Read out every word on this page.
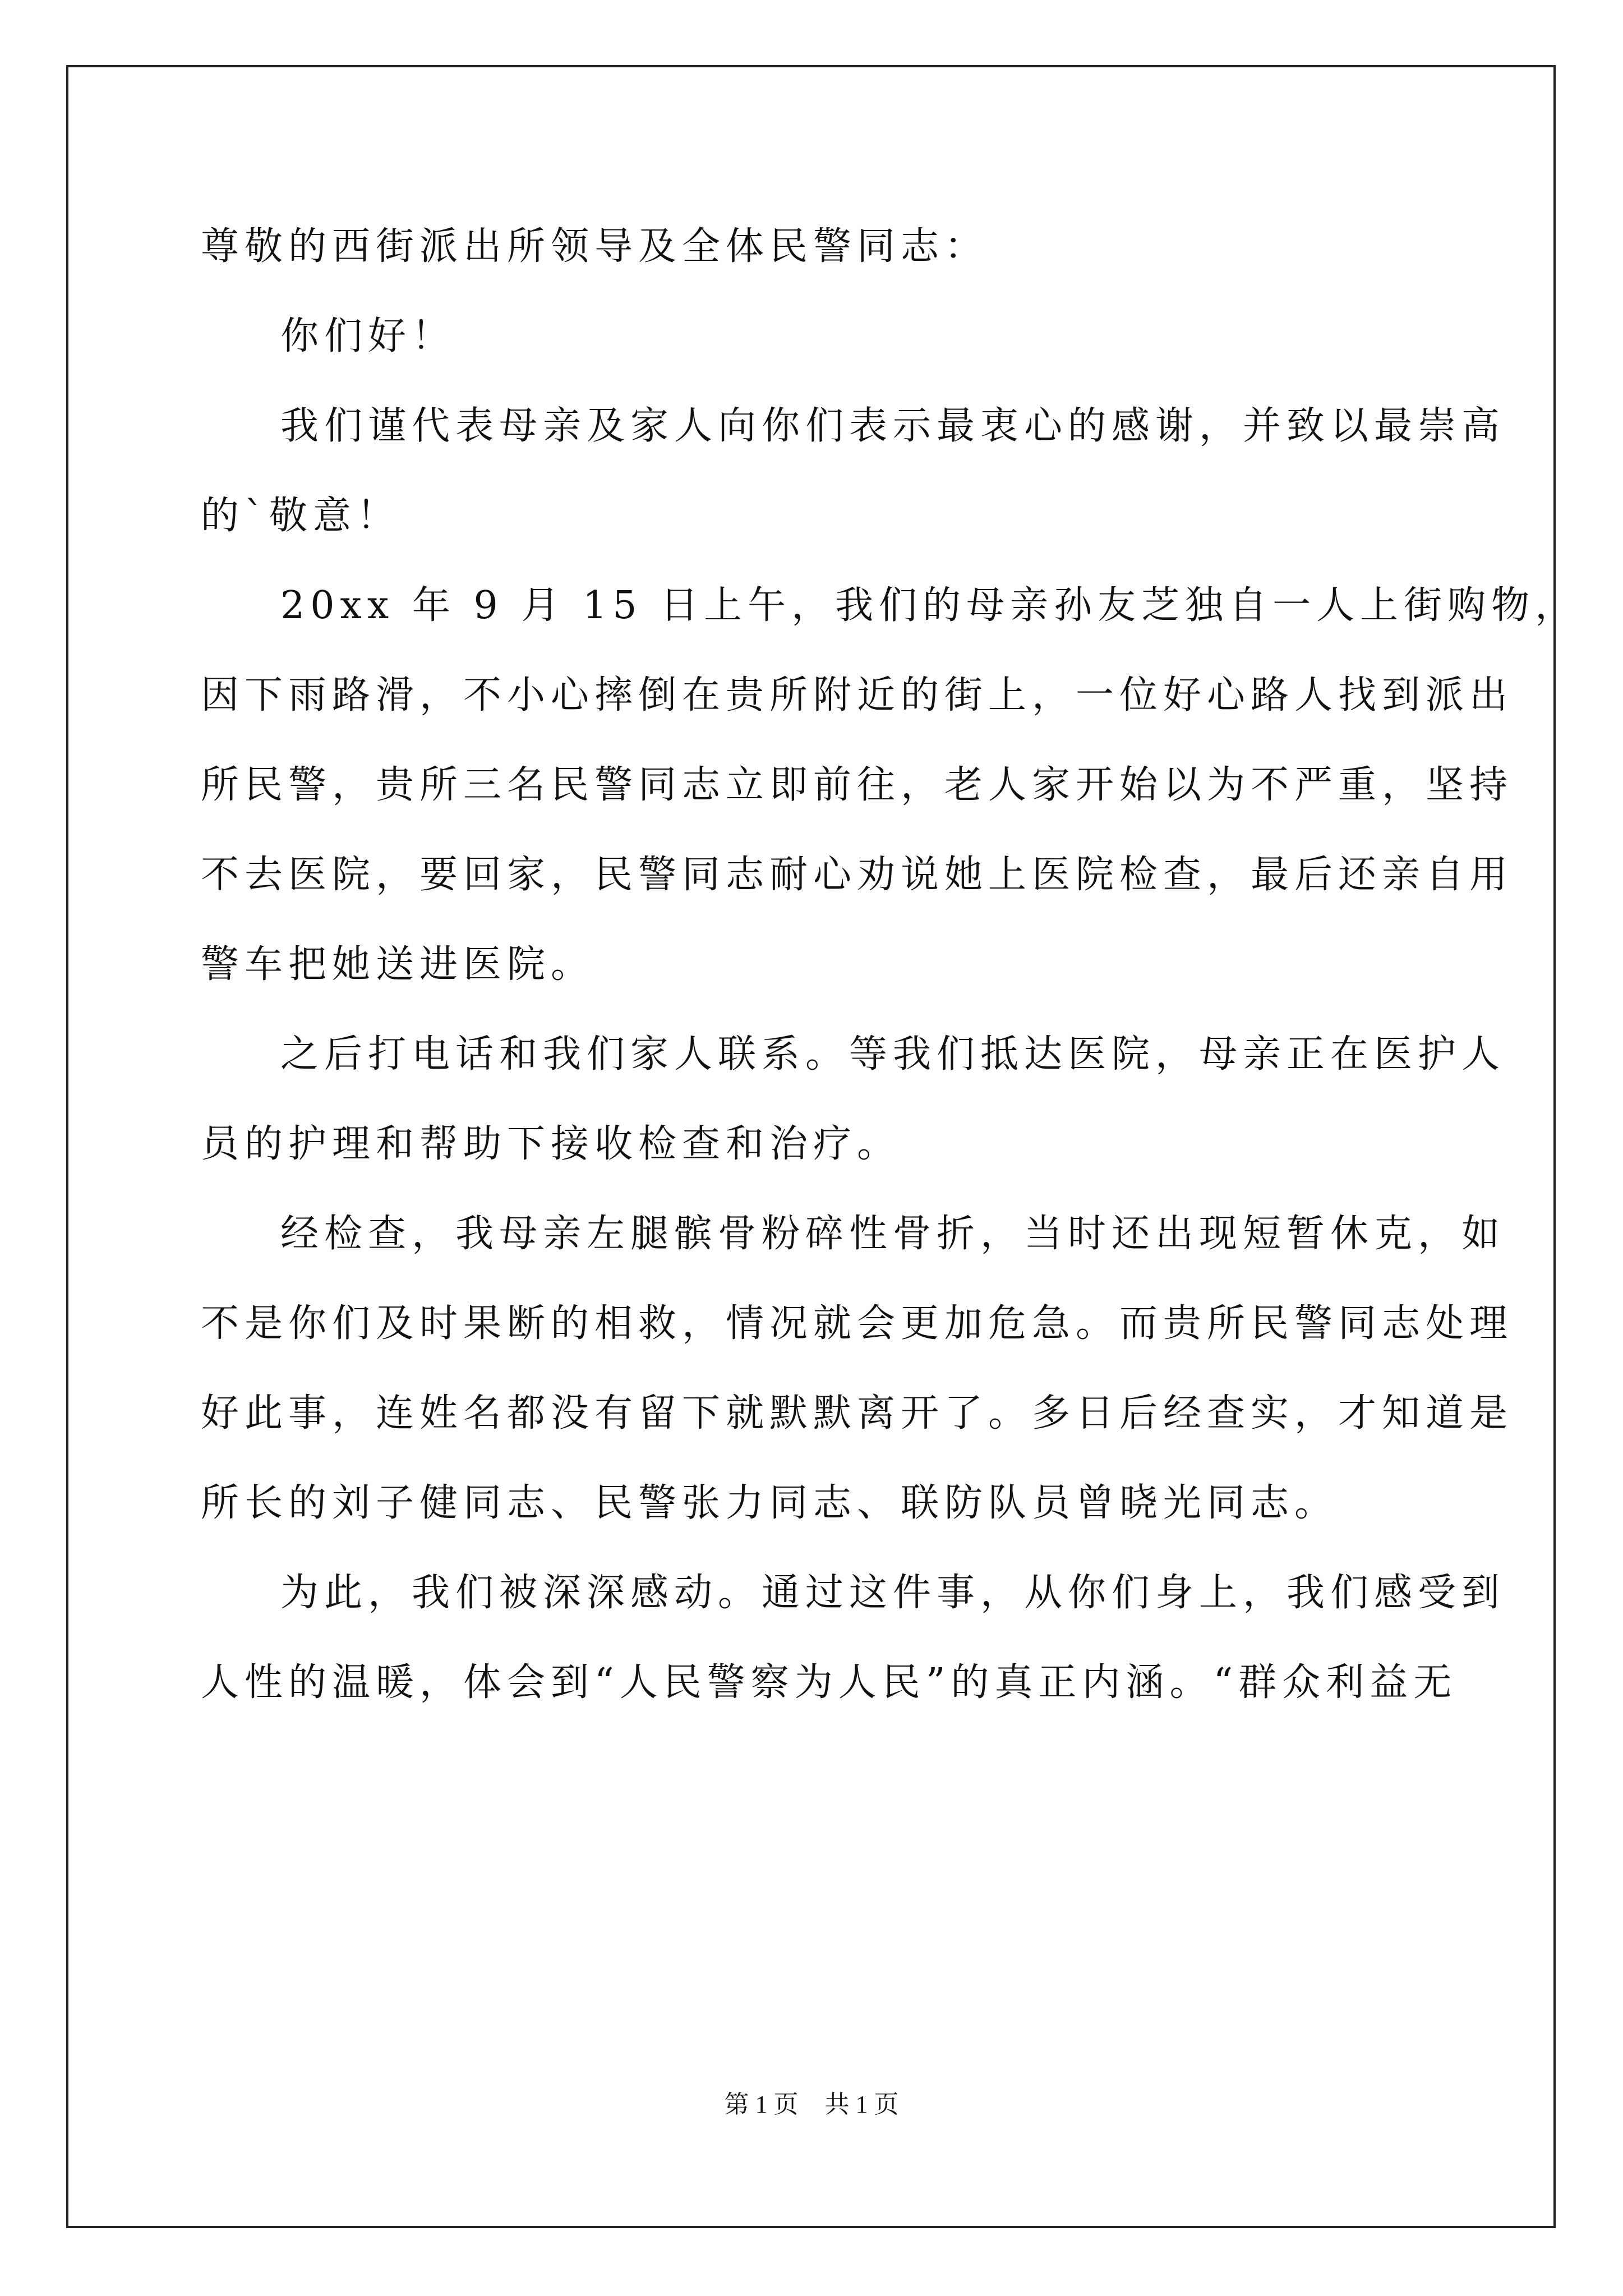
尊敬的西街派出所领导及全体民警同志：
你们好！
我们谨代表母亲及家人向你们表示最衷心的感谢，并致以最崇高
的`敬意！
20xx 年 9 月 15 日上午，我们的母亲孙友芝独自一人上街购物，
因下雨路滑，不小心摔倒在贵所附近的街上，一位好心路人找到派出
所民警，贵所三名民警同志立即前往，老人家开始以为不严重，坚持
不去医院，要回家，民警同志耐心劝说她上医院检查，最后还亲自用
警车把她送进医院。
之后打电话和我们家人联系。等我们抵达医院，母亲正在医护人
员的护理和帮助下接收检查和治疗。
经检查，我母亲左腿髌骨粉碎性骨折，当时还出现短暂休克，如
不是你们及时果断的相救，情况就会更加危急。而贵所民警同志处理
好此事，连姓名都没有留下就默默离开了。多日后经查实，才知道是
所长的刘子健同志、民警张力同志、联防队员曾晓光同志。
为此，我们被深深感动。通过这件事，从你们身上，我们感受到
人性的温暖，体会到“人民警察为人民”的真正内涵。“群众利益无
第 1 页 共 1 页
